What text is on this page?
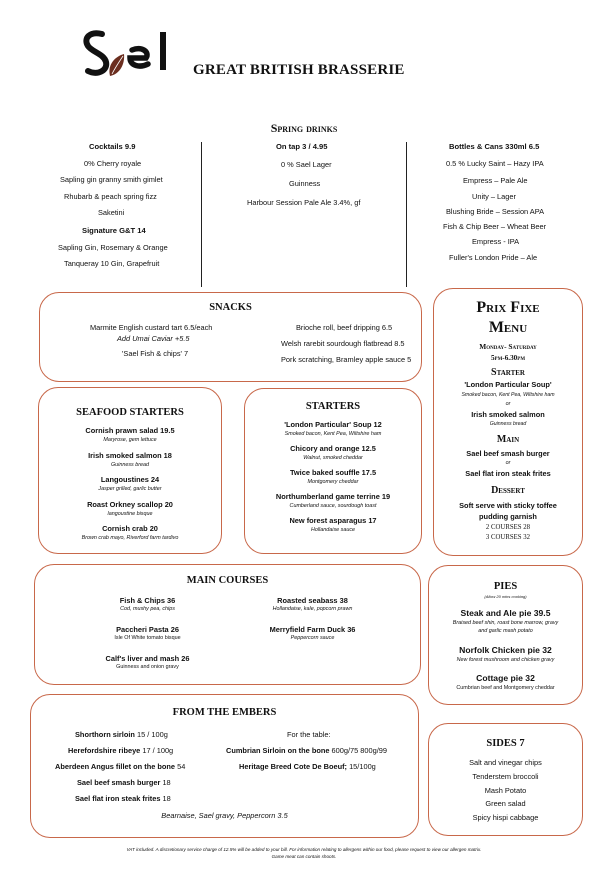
GREAT BRITISH BRASSERIE
Spring drinks
Cocktails 9.9
0% Cherry royale
Sapling gin granny smith gimlet
Rhubarb & peach spring fizz
Saketini
Signature G&T 14
Sapling Gin, Rosemary & Orange
Tanqueray 10 Gin, Grapefruit
On tap 3 / 4.95
0 % Sael Lager
Guinness
Harbour Session Pale Ale 3.4%, gf
Bottles & Cans 330ml 6.5
0.5 % Lucky Saint – Hazy IPA
Empress – Pale Ale
Unity – Lager
Blushing Bride – Session APA
Fish & Chip Beer – Wheat Beer
Empress - IPA
Fuller's London Pride – Ale
SNACKS
Marmite English custard tart 6.5/each
Add Umai Caviar +5.5
'Sael Fish & chips' 7
Brioche roll, beef dripping 6.5
Welsh rarebit sourdough flatbread 8.5
Pork scratching, Bramley apple sauce 5
Prix Fixe
Menu
Monday- Saturday
5pm-6.30pm
Starter
'London Particular Soup'
Smoked bacon, Kent Pea, Wiltshire ham
or
Irish smoked salmon
Guinness bread
Main
Sael beef smash burger
or
Sael flat iron steak frites
Dessert
Soft serve with sticky toffee
pudding garnish
2 COURSES 28
3 COURSES 32
SEAFOOD STARTERS
Cornish prawn salad 19.5
Maryrose, gem lettuce
Irish smoked salmon 18
Guinness bread
Langoustines 24
Jasper grilled, garlic butter
Roast Orkney scallop 20
langoustine bisque
Cornish crab 20
Brown crab mayo, Riverford farm tardivo
STARTERS
'London Particular' Soup 12
Smoked bacon, Kent Pea, Wiltshire ham
Chicory and orange 12.5
Walnut, smoked cheddar
Twice baked souffle 17.5
Montgomery cheddar
Northumberland game terrine 19
Cumberland sauce, sourdough toast
New forest asparagus 17
Hollandaise sauce
MAIN COURSES
Fish & Chips 36
Cod, mushy pea, chips
Paccheri Pasta 26
Isle Of White tomato bisque
Calf's liver and mash 26
Guinness and onion gravy
Roasted seabass 38
Hollandaise, kale, popcorn prawn
Merryfield Farm Duck 36
Peppercorn sauce
PIES
(Allow 20 mins cooking)
Steak and Ale pie 39.5
Braised beef shin, roast bone marrow, gravy
and garlic mash potato
Norfolk Chicken pie 32
New forest mushroom and chicken gravy
Cottage pie 32
Cumbrian beef and Montgomery cheddar
FROM THE EMBERS
Shorthorn sirloin 15 / 100g
Herefordshire ribeye 17 / 100g
Aberdeen Angus fillet on the bone 54
Sael beef smash burger 18
Sael flat iron steak frites 18
For the table:
Cumbrian Sirloin on the bone 600g/75 800g/99
Heritage Breed Cote De Boeuf; 15/100g
Bearnaise, Sael gravy, Peppercorn 3.5
SIDES 7
Salt and vinegar chips
Tenderstem broccoli
Mash Potato
Green salad
Spicy hispi cabbage
VAT included. A discretionary service charge of 12.5% will be added to your bill. For information relating to allergens within our food, please request to view our allergen matrix.
Game meat can contain shoots.
